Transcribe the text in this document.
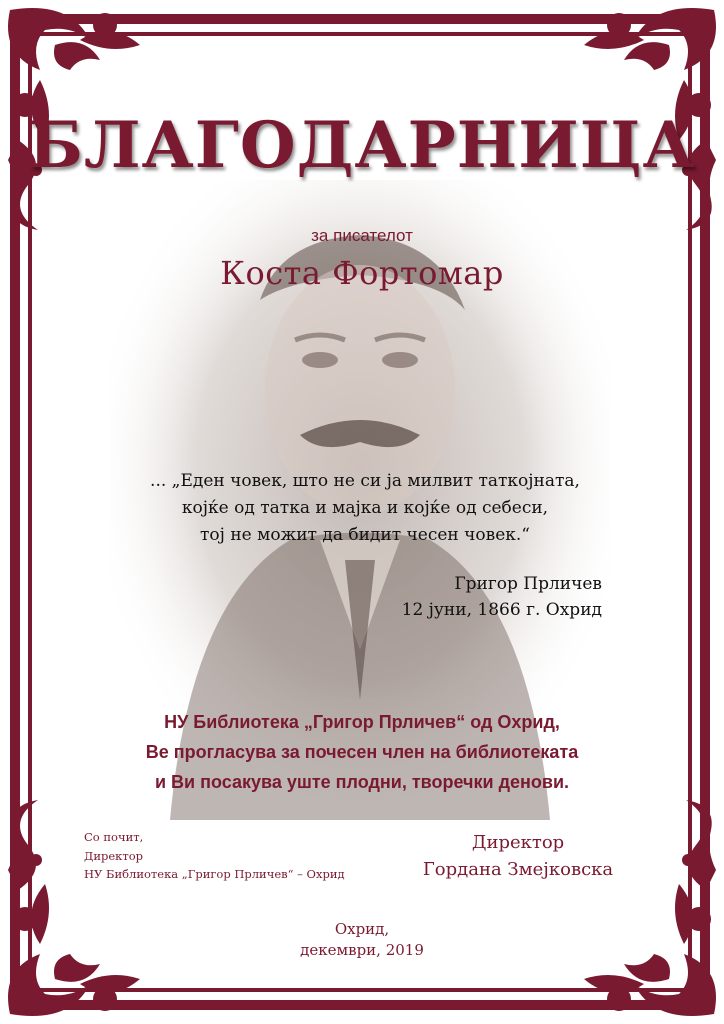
БЛАГОДАРНИЦА
за писателот
Коста Фортомар
... „Еден човек, што не си ја милвит таткојната,
којќе од татка и мајка и којќе од себеси,
тој не можит да бидит чесен човек.“
Григор Прличев
12 јуни, 1866 г. Охрид
НУ Библиотека „Григор Прличев“ од Охрид,
Ве прогласува за почесен член на библиотеката
и Ви посакува уште плодни, творечки денови.
Со почит,
Директор
НУ Библиотека „Григор Прличев“ – Охрид
Директор
Гордана Змејковска
Охрид,
декември, 2019
